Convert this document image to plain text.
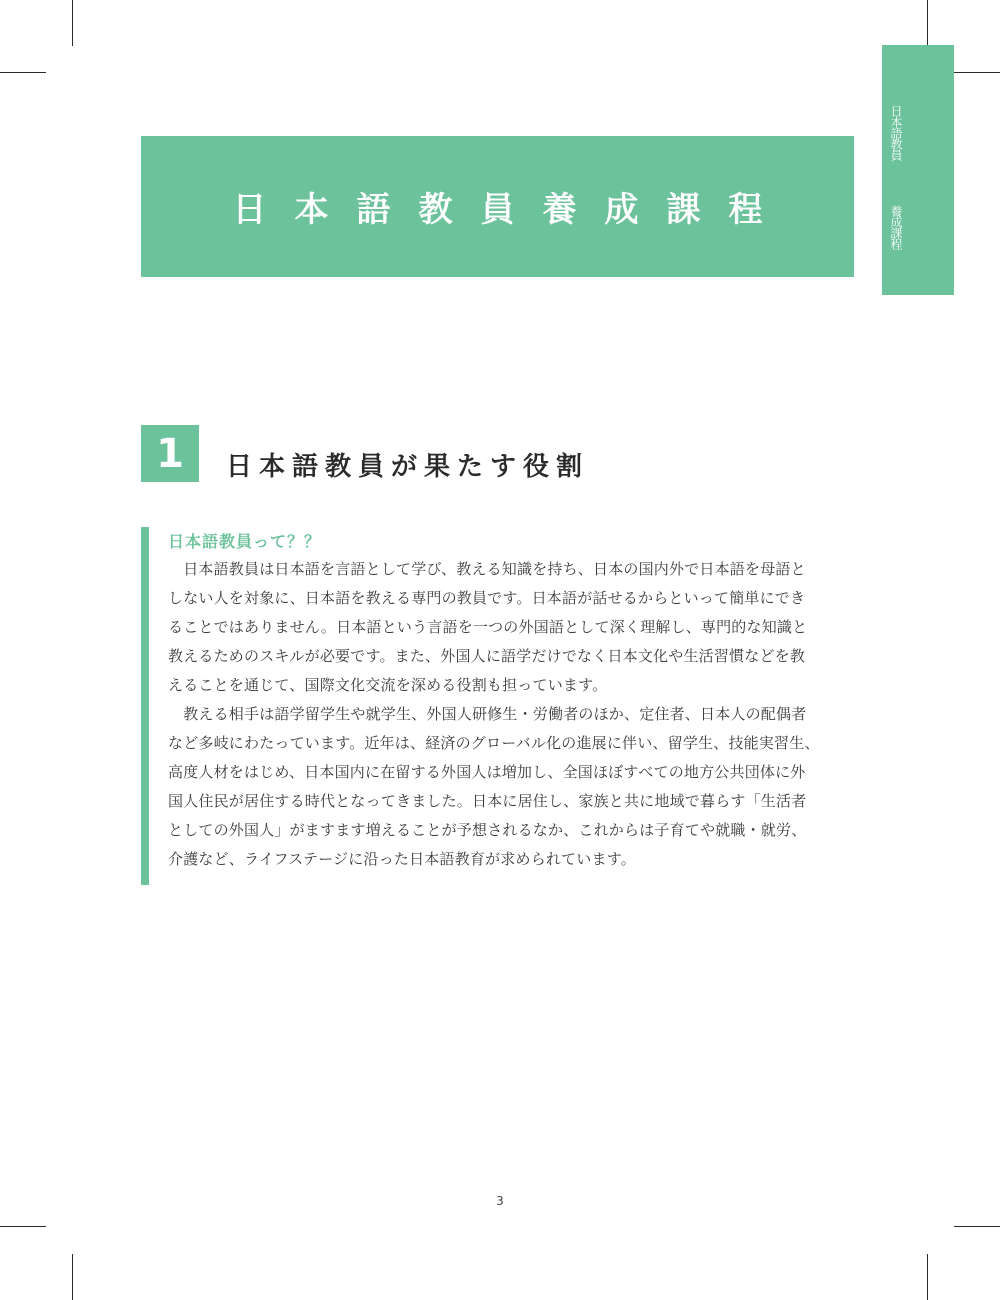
日本語教員
養成課程
日本語教員養成課程
1	日本語教員が果たす役割
日本語教員って？？
　日本語教員は日本語を言語として学び、教える知識を持ち、日本の国内外で日本語を母語と
しない人を対象に、日本語を教える専門の教員です。日本語が話せるからといって簡単にでき
ることではありません。日本語という言語を一つの外国語として深く理解し、専門的な知識と
教えるためのスキルが必要です。また、外国人に語学だけでなく日本文化や生活習慣などを教
えることを通じて、国際文化交流を深める役割も担っています。
　教える相手は語学留学生や就学生、外国人研修生・労働者のほか、定住者、日本人の配偶者
など多岐にわたっています。近年は、経済のグローバル化の進展に伴い、留学生、技能実習生、
高度人材をはじめ、日本国内に在留する外国人は増加し、全国ほぼすべての地方公共団体に外
国人住民が居住する時代となってきました。日本に居住し、家族と共に地域で暮らす「生活者
としての外国人」がますます増えることが予想されるなか、これからは子育てや就職・就労、
介護など、ライフステージに沿った日本語教育が求められています。
3
